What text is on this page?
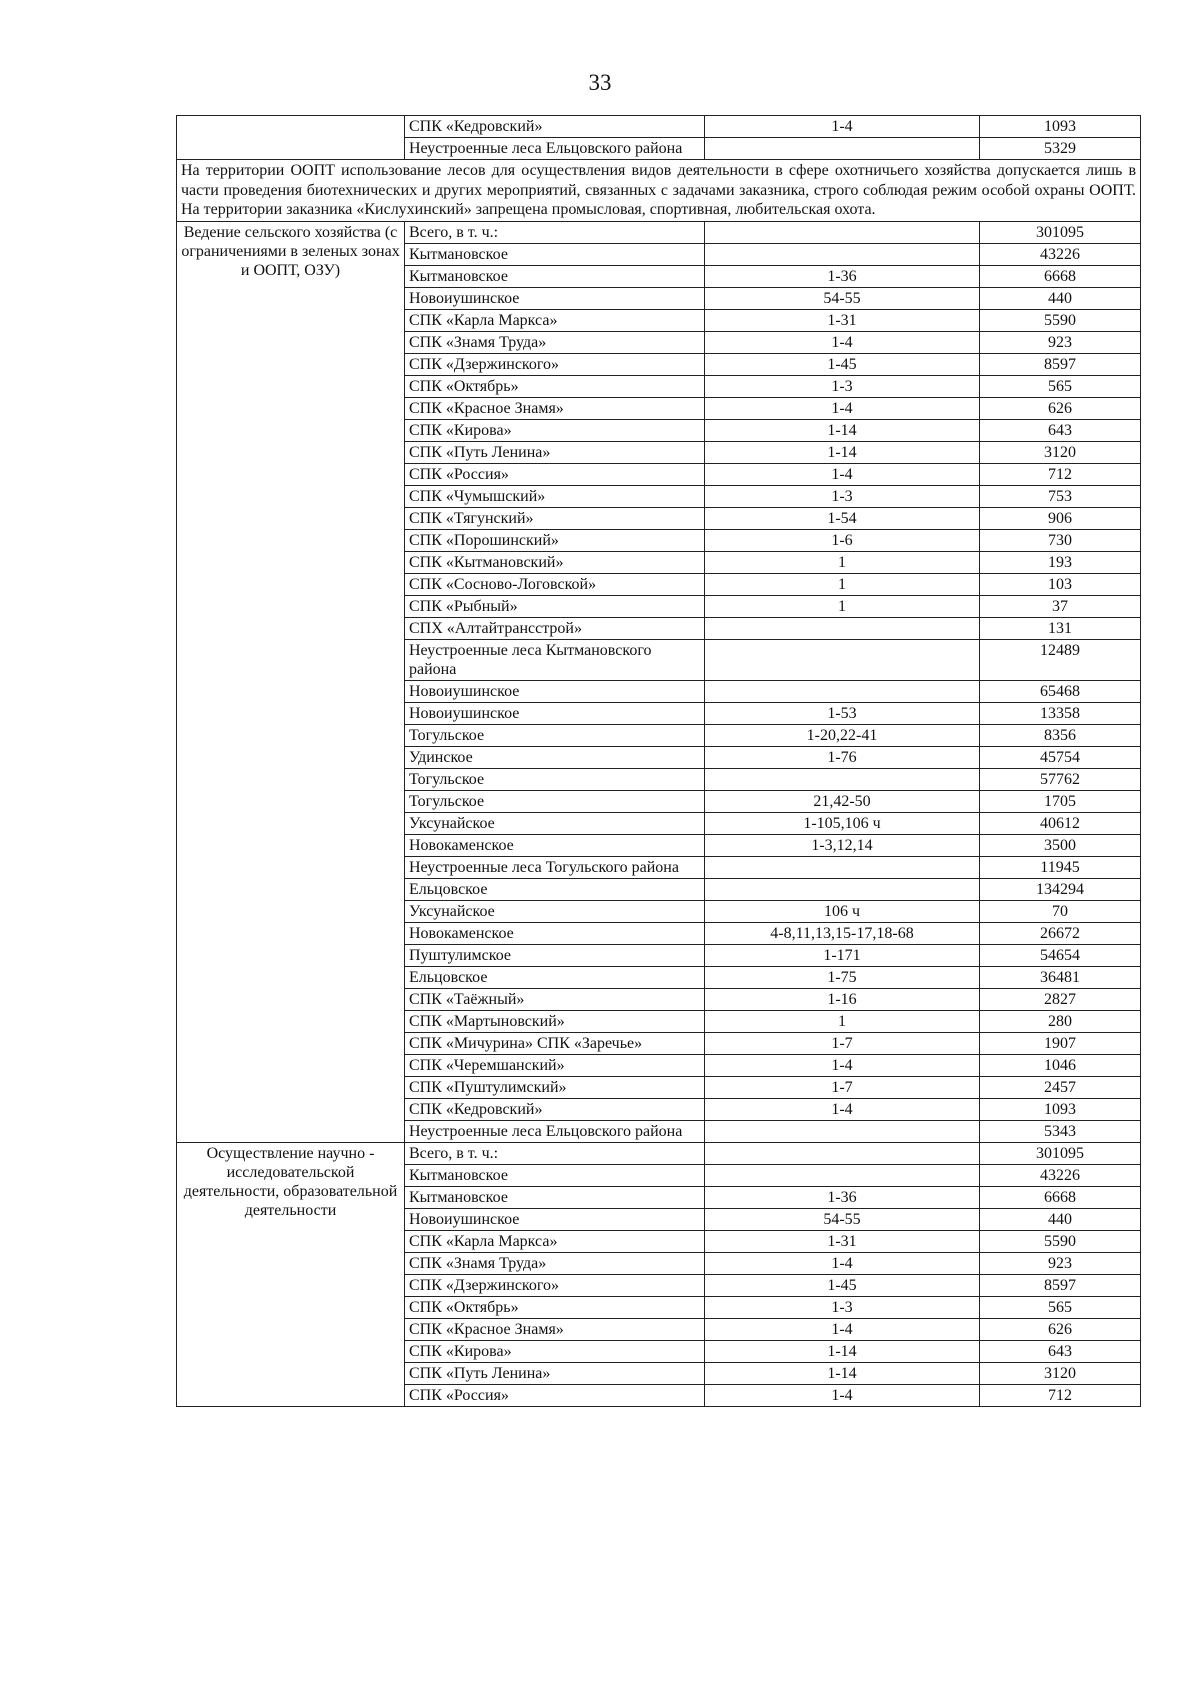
33
	СПК «Кедровский»	1-4	1093
	Неустроенные леса Ельцовского района		5329
На территории ООПТ использование лесов для осуществления видов деятельности в сфере охотничьего хозяйства допускается лишь в части проведения биотехнических и других мероприятий, связанных с задачами заказника, строго соблюдая режим особой охраны ООПТ. На территории заказника «Кислухинский» запрещена промысловая, спортивная, любительская охота.			
Ведение сельского хозяйства (с ограничениями в зеленых зонах и ООПТ, ОЗУ)	Всего, в т. ч.:		301095
	Кытмановское		43226
	Кытмановское	1-36	6668
	Новоиушинское	54-55	440
	СПК «Карла Маркса»	1-31	5590
	СПК «Знамя Труда»	1-4	923
	СПК «Дзержинского»	1-45	8597
	СПК «Октябрь»	1-3	565
	СПК «Красное Знамя»	1-4	626
	СПК «Кирова»	1-14	643
	СПК «Путь Ленина»	1-14	3120
	СПК «Россия»	1-4	712
	СПК «Чумышский»	1-3	753
	СПК «Тягунский»	1-54	906
	СПК «Порошинский»	1-6	730
	СПК «Кытмановский»	1	193
	СПК «Сосново-Логовской»	1	103
	СПК «Рыбный»	1	37
	СПХ «Алтайтрансстрой»		131
	Неустроенные леса Кытмановского района		12489
	Новоиушинское		65468
	Новоиушинское	1-53	13358
	Тогульское	1-20,22-41	8356
	Удинское	1-76	45754
	Тогульское		57762
	Тогульское	21,42-50	1705
	Уксунайское	1-105,106 ч	40612
	Новокаменское	1-3,12,14	3500
	Неустроенные леса Тогульского района		11945
	Ельцовское		134294
	Уксунайское	106 ч	70
	Новокаменское	4-8,11,13,15-17,18-68	26672
	Пуштулимское	1-171	54654
	Ельцовское	1-75	36481
	СПК «Таёжный»	1-16	2827
	СПК «Мартыновский»	1	280
	СПК «Мичурина» СПК «Заречье»	1-7	1907
	СПК «Черемшанский»	1-4	1046
	СПК «Пуштулимский»	1-7	2457
	СПК «Кедровский»	1-4	1093
	Неустроенные леса Ельцовского района		5343
Осуществление научно - исследовательской деятельности, образовательной деятельности	Всего, в т. ч.:		301095
	Кытмановское		43226
	Кытмановское	1-36	6668
	Новоиушинское	54-55	440
	СПК «Карла Маркса»	1-31	5590
	СПК «Знамя Труда»	1-4	923
	СПК «Дзержинского»	1-45	8597
	СПК «Октябрь»	1-3	565
	СПК «Красное Знамя»	1-4	626
	СПК «Кирова»	1-14	643
	СПК «Путь Ленина»	1-14	3120
	СПК «Россия»	1-4	712
